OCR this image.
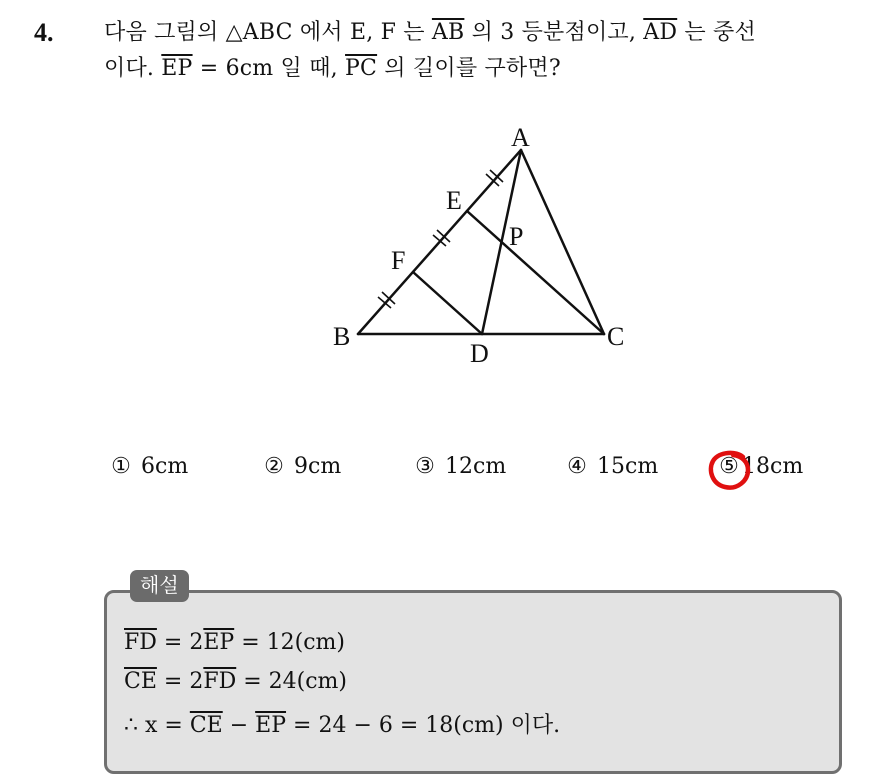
4. 다음 그림의 △ABC 에서 E, F 는 $\overline{AB}$ 의 3 등분점이고, $\overline{AD}$ 는 중선
이다. $\overline{EP} = 6cm$ 일 때, $\overline{PC}$ 의 길이를 구하면?
A
B	C
D
E
F
P
① 6cm	② 9cm	③ 12cm	④ 15cm	⑤ 18cm
해설
$\overline{FD} = 2\overline{EP} = 12(cm)$
$\overline{CE} = 2\overline{FD} = 24(cm)$
∴ $x = \overline{CE} - \overline{EP} = 24 - 6 = 18(cm)$ 이다.
